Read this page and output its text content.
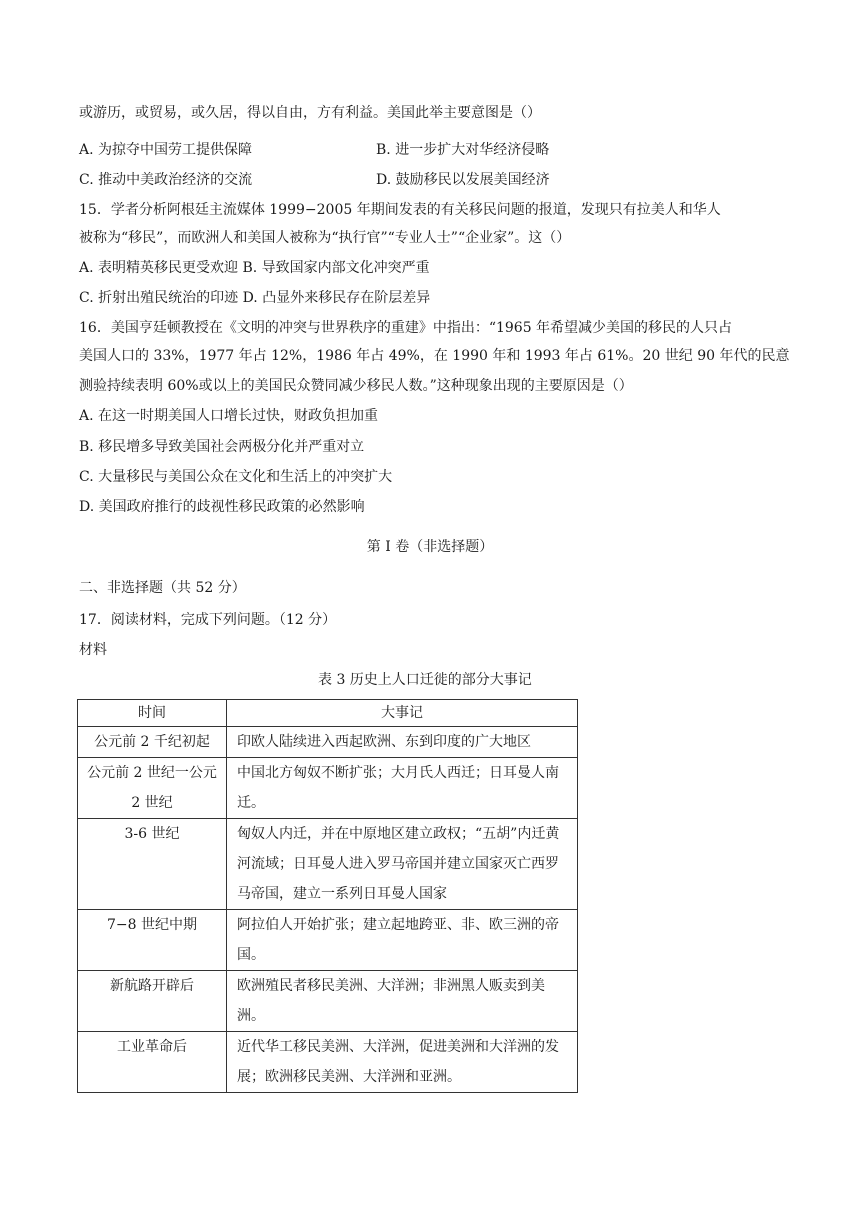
或游历，或贸易，或久居，得以自由，方有利益。美国此举主要意图是（）
A. 为掠夺中国劳工提供保障	B. 进一步扩大对华经济侵略
C. 推动中美政治经济的交流	D. 鼓励移民以发展美国经济
15．学者分析阿根廷主流媒体 1999−2005 年期间发表的有关移民问题的报道，发现只有拉美人和华人
被称为“移民”，而欧洲人和美国人被称为“执行官”“专业人士”“企业家”。这（）
A. 表明精英移民更受欢迎 B. 导致国家内部文化冲突严重
C. 折射出殖民统治的印迹 D. 凸显外来移民存在阶层差异
16．美国亨廷顿教授在《文明的冲突与世界秩序的重建》中指出：“1965 年希望减少美国的移民的人只占
美国人口的 33%，1977 年占 12%，1986 年占 49%，在 1990 年和 1993 年占 61%。20 世纪 90 年代的民意
测验持续表明 60%或以上的美国民众赞同减少移民人数。”这种现象出现的主要原因是（）
A. 在这一时期美国人口增长过快，财政负担加重
B. 移民增多导致美国社会两极分化并严重对立
C. 大量移民与美国公众在文化和生活上的冲突扩大
D. 美国政府推行的歧视性移民政策的必然影响
第 I 卷（非选择题）
二、非选择题（共 52 分）
17．阅读材料，完成下列问题。（12 分）
材料
表 3 历史上人口迁徙的部分大事记
时间	大事记
公元前 2 千纪初起	印欧人陆续进入西起欧洲、东到印度的广大地区
公元前 2 世纪一公元 2 世纪	中国北方匈奴不断扩张；大月氏人西迁；日耳曼人南迁。
3-6 世纪	匈奴人内迁，并在中原地区建立政权；“五胡”内迁黄河流域；日耳曼人进入罗马帝国并建立国家灭亡西罗马帝国，建立一系列日耳曼人国家
7−8 世纪中期	阿拉伯人开始扩张；建立起地跨亚、非、欧三洲的帝国。
新航路开辟后	欧洲殖民者移民美洲、大洋洲；非洲黑人贩卖到美洲。
工业革命后	近代华工移民美洲、大洋洲，促进美洲和大洋洲的发展；欧洲移民美洲、大洋洲和亚洲。
